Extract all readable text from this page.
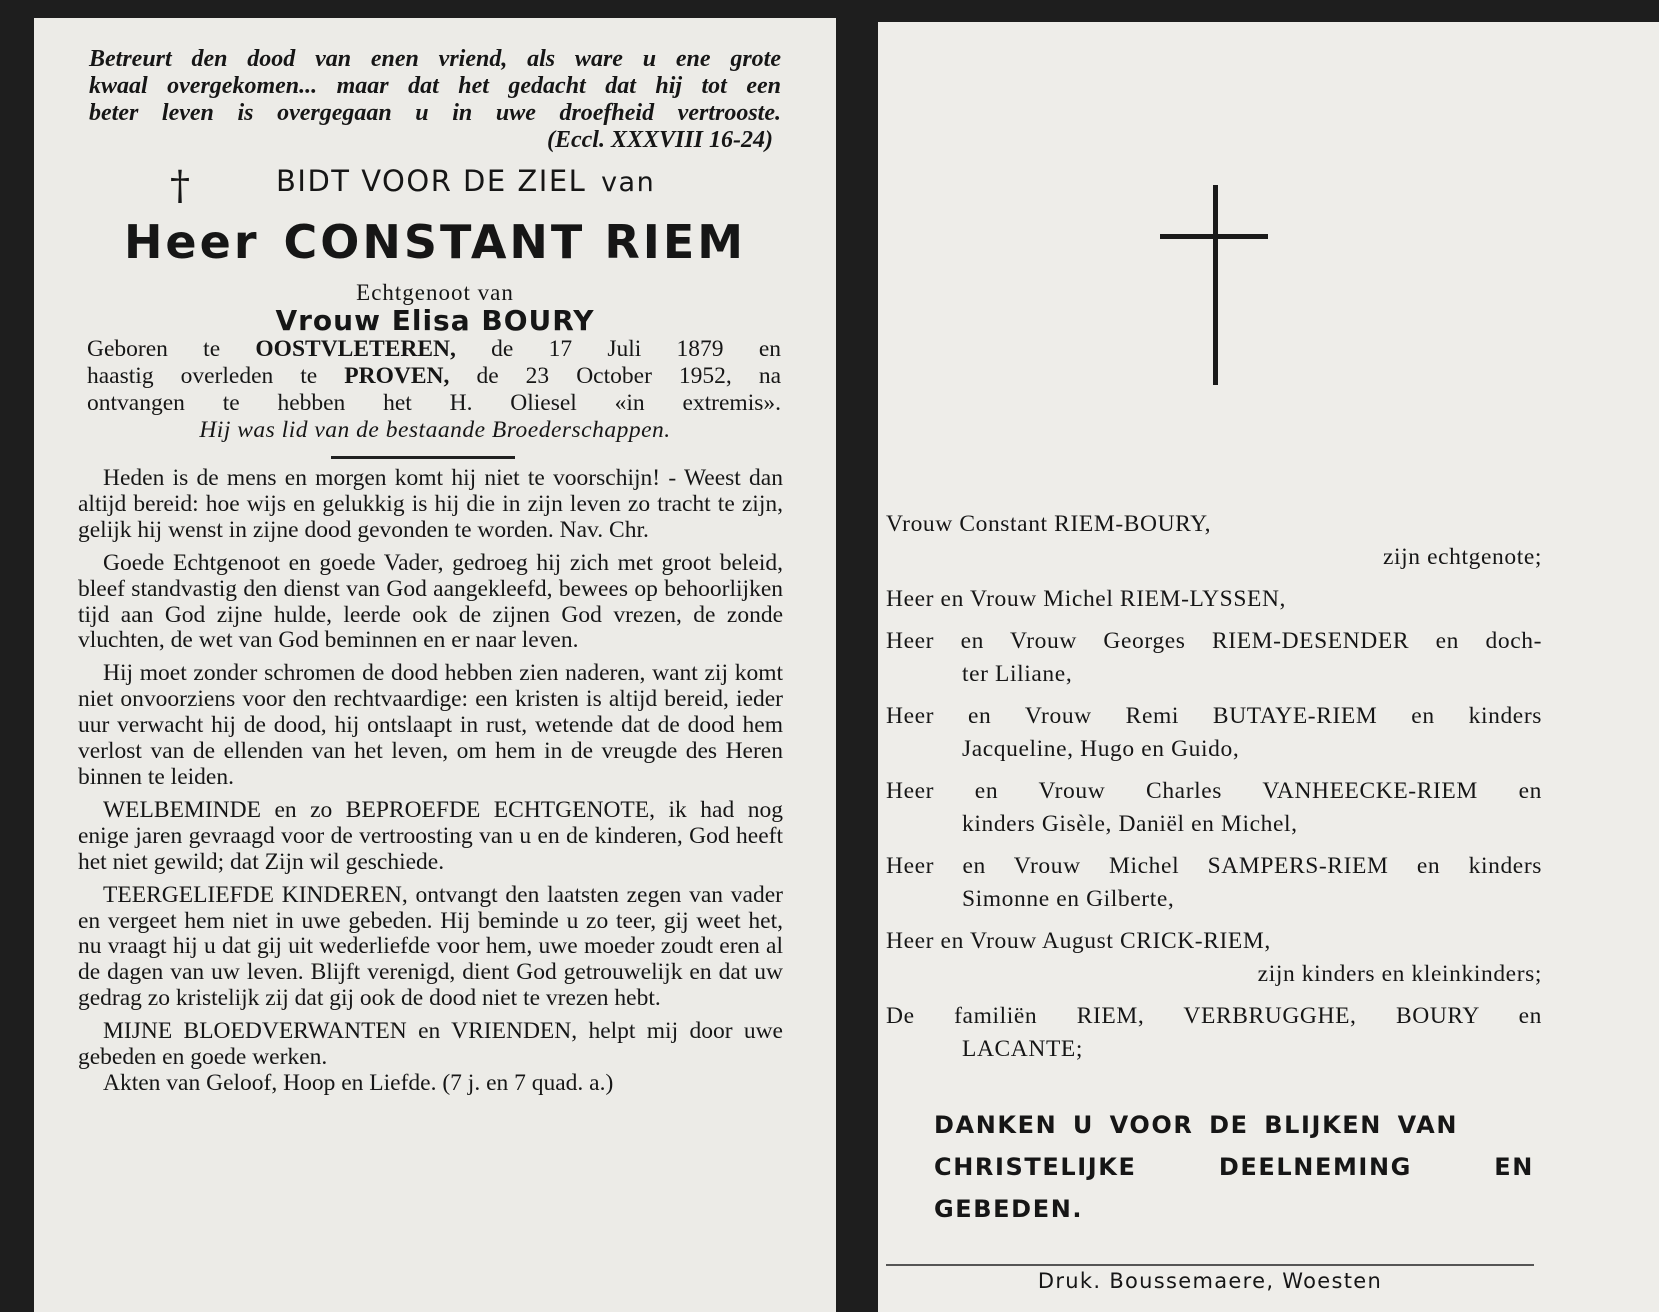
Betreurt den dood van enen vriend, als ware u ene grote

kwaal overgekomen... maar dat het gedacht dat hij tot een

beter leven is overgegaan u in uwe droefheid vertrooste.

(Eccl. XXXVIII 16-24)

†	BIDT VOOR DE ZIEL van
Heer CONSTANT RIEM
Echtgenoot van
Vrouw Elisa BOURY

Geboren te OOSTVLETEREN, de 17 Juli 1879 en

haastig overleden te PROVEN, de 23 October 1952, na

ontvangen te hebben het H. Oliesel «in extremis».

Hij was lid van de bestaande Broederschappen.

Heden is de mens en morgen komt hij niet te voorschijn! - Weest dan altijd bereid: hoe wijs en gelukkig is hij die in zijn leven zo tracht te zijn, gelijk hij wenst in zijne dood gevonden te worden. Nav. Chr.

Goede Echtgenoot en goede Vader, gedroeg hij zich met groot beleid, bleef standvastig den dienst van God aangekleefd, bewees op behoorlijken tijd aan God zijne hulde, leerde ook de zijnen God vrezen, de zonde vluchten, de wet van God beminnen en er naar leven.

Hij moet zonder schromen de dood hebben zien naderen, want zij komt niet onvoorziens voor den rechtvaardige: een kristen is altijd bereid, ieder uur verwacht hij de dood, hij ontslaapt in rust, wetende dat de dood hem verlost van de ellenden van het leven, om hem in de vreugde des Heren binnen te leiden.

WELBEMINDE en zo BEPROEFDE ECHTGENOTE, ik had nog enige jaren gevraagd voor de vertroosting van u en de kinderen, God heeft het niet gewild; dat Zijn wil geschiede.

TEERGELIEFDE KINDEREN, ontvangt den laatsten zegen van vader en vergeet hem niet in uwe gebeden. Hij beminde u zo teer, gij weet het, nu vraagt hij u dat gij uit wederliefde voor hem, uwe moeder zoudt eren al de dagen van uw leven. Blijft verenigd, dient God getrouwelijk en dat uw gedrag zo kristelijk zij dat gij ook de dood niet te vrezen hebt.

MIJNE BLOEDVERWANTEN en VRIENDEN, helpt mij door uwe gebeden en goede werken.

Akten van Geloof, Hoop en Liefde. (7 j. en 7 quad. a.)

Vrouw Constant RIEM-BOURY,

zijn echtgenote;

Heer en Vrouw Michel RIEM-LYSSEN,

Heer en Vrouw Georges RIEM-DESENDER en doch-

ter Liliane,

Heer en Vrouw Remi BUTAYE-RIEM en kinders

Jacqueline, Hugo en Guido,

Heer en Vrouw Charles VANHEECKE-RIEM en

kinders Gisèle, Daniël en Michel,

Heer en Vrouw Michel SAMPERS-RIEM en kinders

Simonne en Gilberte,

Heer en Vrouw August CRICK-RIEM,

zijn kinders en kleinkinders;

De familiën RIEM, VERBRUGGHE, BOURY en

LACANTE;

DANKEN U VOOR DE BLIJKEN VAN

CHRISTELIJKE DEELNEMING EN GEBEDEN.

Druk. Boussemaere, Woesten
